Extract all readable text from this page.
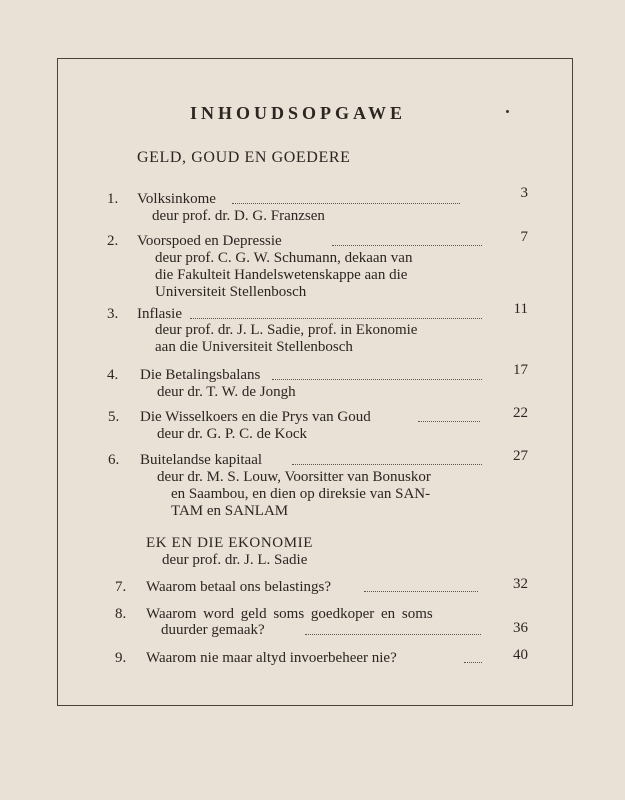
INHOUDSOPGAWE
GELD, GOUD EN GOEDERE
1. Volksinkome	3
deur prof. dr. D. G. Franzsen
2. Voorspoed en Depressie	7
deur prof. C. G. W. Schumann, dekaan van
die Fakulteit Handelswetenskappe aan die
Universiteit Stellenbosch
3. Inflasie	11
deur prof. dr. J. L. Sadie, prof. in Ekonomie
aan die Universiteit Stellenbosch
4. Die Betalingsbalans	17
deur dr. T. W. de Jongh
5. Die Wisselkoers en die Prys van Goud	22
deur dr. G. P. C. de Kock
6. Buitelandse kapitaal	27
deur dr. M. S. Louw, Voorsitter van Bonuskor
en Saambou, en dien op direksie van SAN-
TAM en SANLAM
EK EN DIE EKONOMIE
deur prof. dr. J. L. Sadie
7. Waarom betaal ons belastings?	32
8. Waarom word geld soms goedkoper en soms
duurder gemaak?	36
9. Waarom nie maar altyd invoerbeheer nie?	40
